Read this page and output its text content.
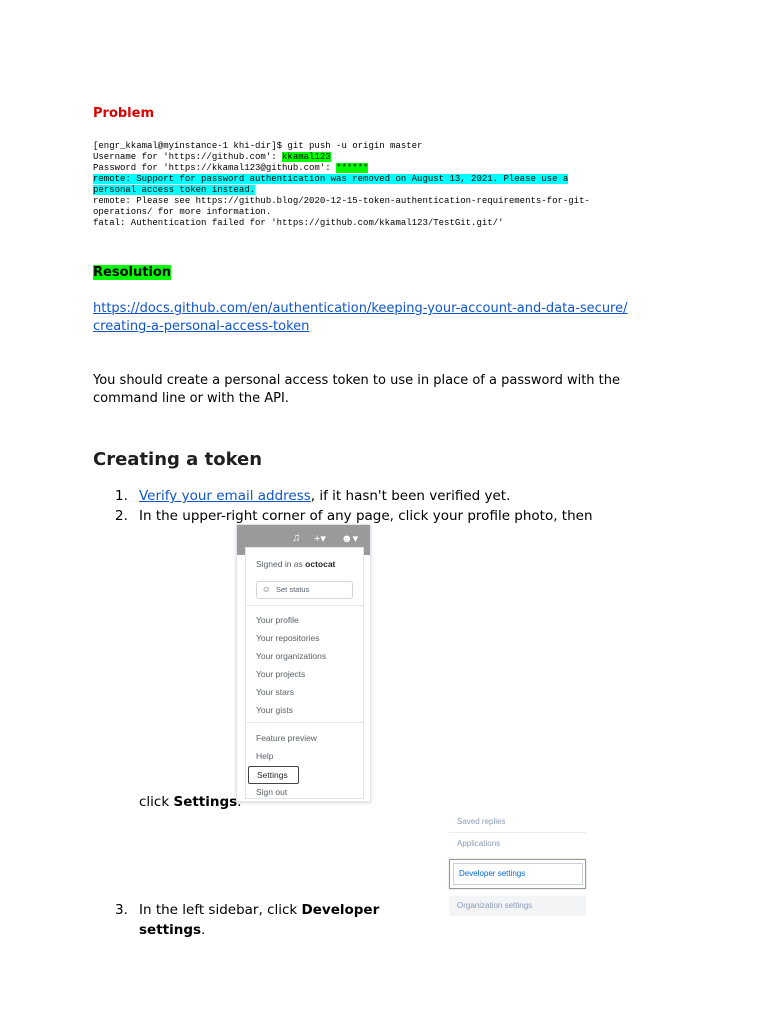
Problem
[engr_kkamal@myinstance-1 khi-dir]$ git push -u origin master
Username for 'https://github.com': kkamal123
Password for 'https://kkamal123@github.com': ******
remote: Support for password authentication was removed on August 13, 2021. Please use a
personal access token instead.
remote: Please see https://github.blog/2020-12-15-token-authentication-requirements-for-git-
operations/ for more information.
fatal: Authentication failed for 'https://github.com/kkamal123/TestGit.git/'
Resolution
https://docs.github.com/en/authentication/keeping-your-account-and-data-secure/
creating-a-personal-access-token
You should create a personal access token to use in place of a password with the command line or with the API.
Creating a token
1. Verify your email address, if it hasn't been verified yet.
2. In the upper-right corner of any page, click your profile photo, then
♫ +▾ ☻▾
Signed in as octocat
☺ Set status
Your profile
Your repositories
Your organizations
Your projects
Your stars
Your gists
Feature preview
Help
Settings
Sign out
click Settings.
Saved replies
Applications
Developer settings
Organization settings
3. In the left sidebar, click Developer settings.
